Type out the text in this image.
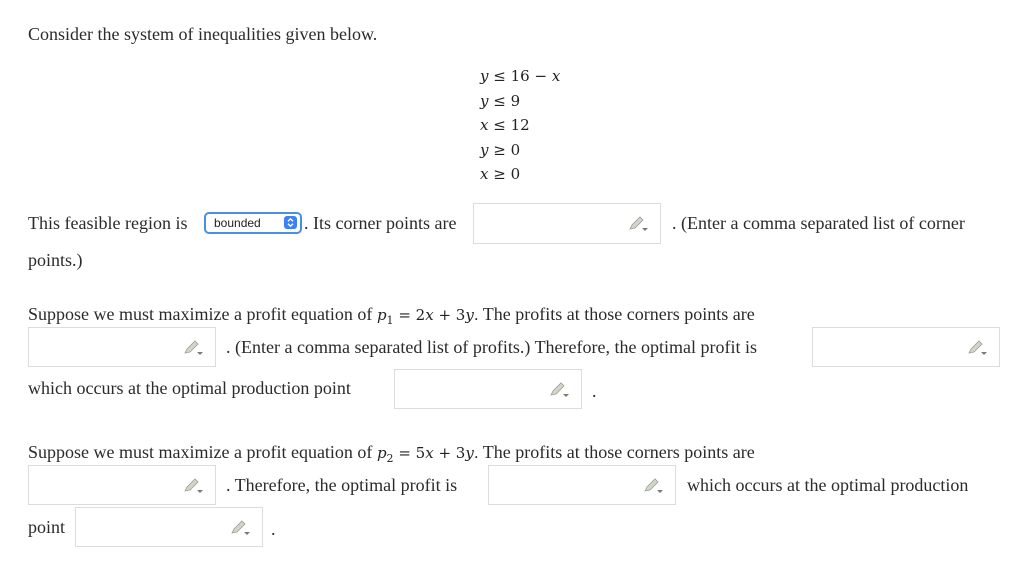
Consider the system of inequalities given below.
y ≤ 16 − x
y ≤ 9
x ≤ 12
y ≥ 0
x ≥ 0
This feasible region is	bounded	. Its corner points are	. (Enter a comma separated list of corner
points.)
Suppose we must maximize a profit equation of $p_1 = 2x + 3y$. The profits at those corners points are
. (Enter a comma separated list of profits.) Therefore, the optimal profit is
which occurs at the optimal production point	.
Suppose we must maximize a profit equation of $p_2 = 5x + 3y$. The profits at those corners points are
. Therefore, the optimal profit is	which occurs at the optimal production
point	.
